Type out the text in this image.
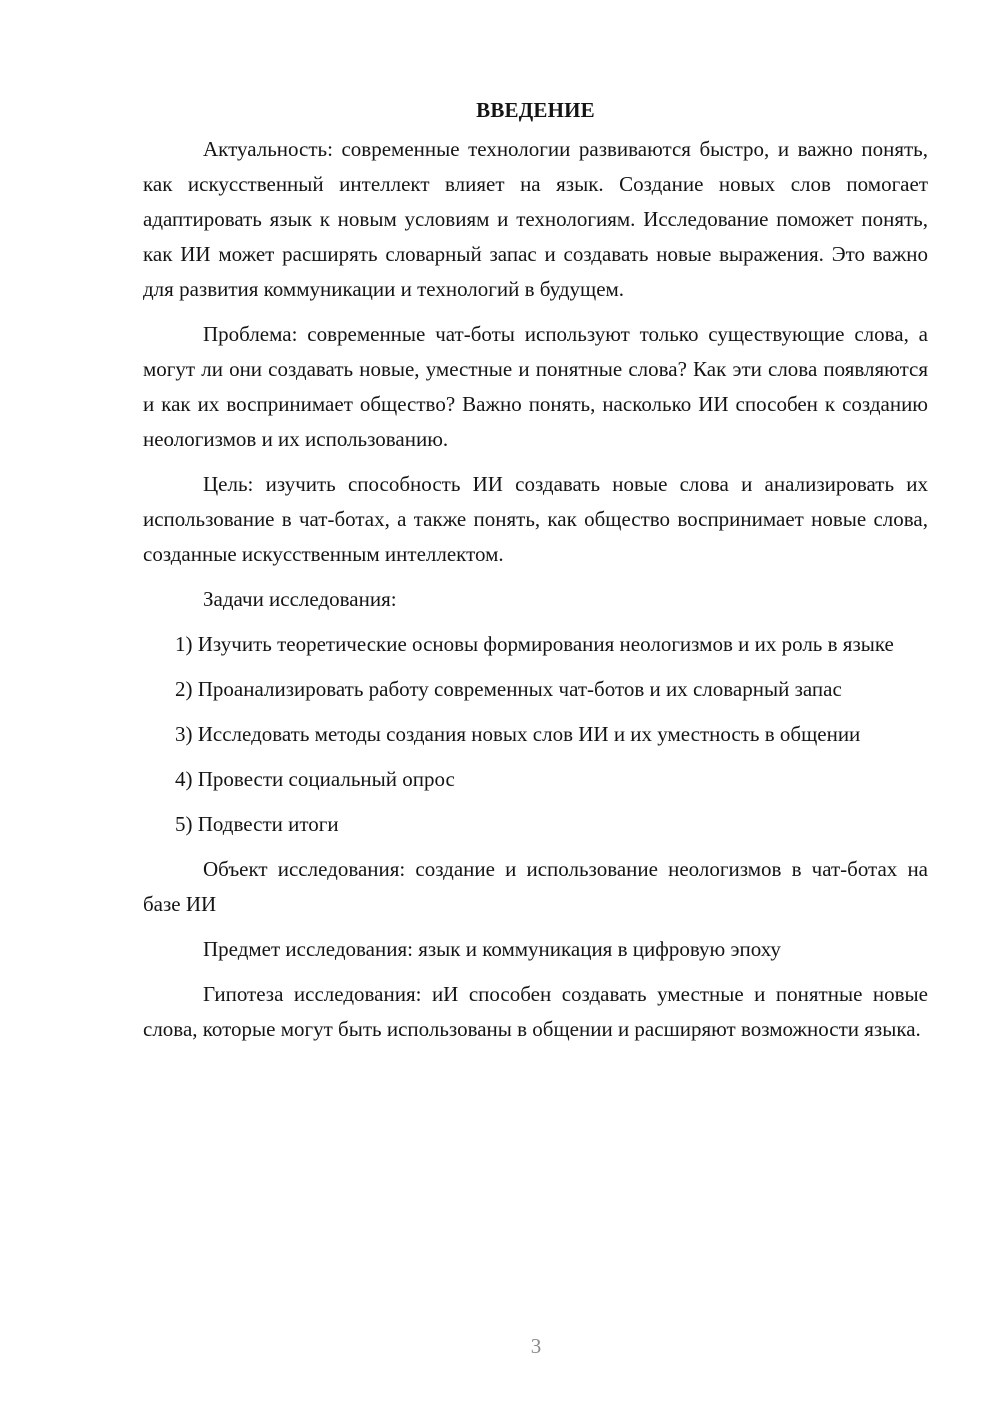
ВВЕДЕНИЕ

Актуальность: современные технологии развиваются быстро, и важно понять, как искусственный интеллект влияет на язык. Создание новых слов помогает адаптировать язык к новым условиям и технологиям. Исследование поможет понять, как ИИ может расширять словарный запас и создавать новые выражения. Это важно для развития коммуникации и технологий в будущем.

Проблема: современные чат-боты используют только существующие слова, а могут ли они создавать новые, уместные и понятные слова? Как эти слова появляются и как их воспринимает общество? Важно понять, насколько ИИ способен к созданию неологизмов и их использованию.

Цель: изучить способность ИИ создавать новые слова и анализировать их использование в чат-ботах, а также понять, как общество воспринимает новые слова, созданные искусственным интеллектом.

Задачи исследования:

1) Изучить теоретические основы формирования неологизмов и их роль в языке

2) Проанализировать работу современных чат-ботов и их словарный запас

3) Исследовать методы создания новых слов ИИ и их уместность в общении

4) Провести социальный опрос

5) Подвести итоги

Объект исследования: создание и использование неологизмов в чат-ботах на базе ИИ

Предмет исследования: язык и коммуникация в цифровую эпоху

Гипотеза исследования: иИ способен создавать уместные и понятные новые слова, которые могут быть использованы в общении и расширяют возможности языка.

3
